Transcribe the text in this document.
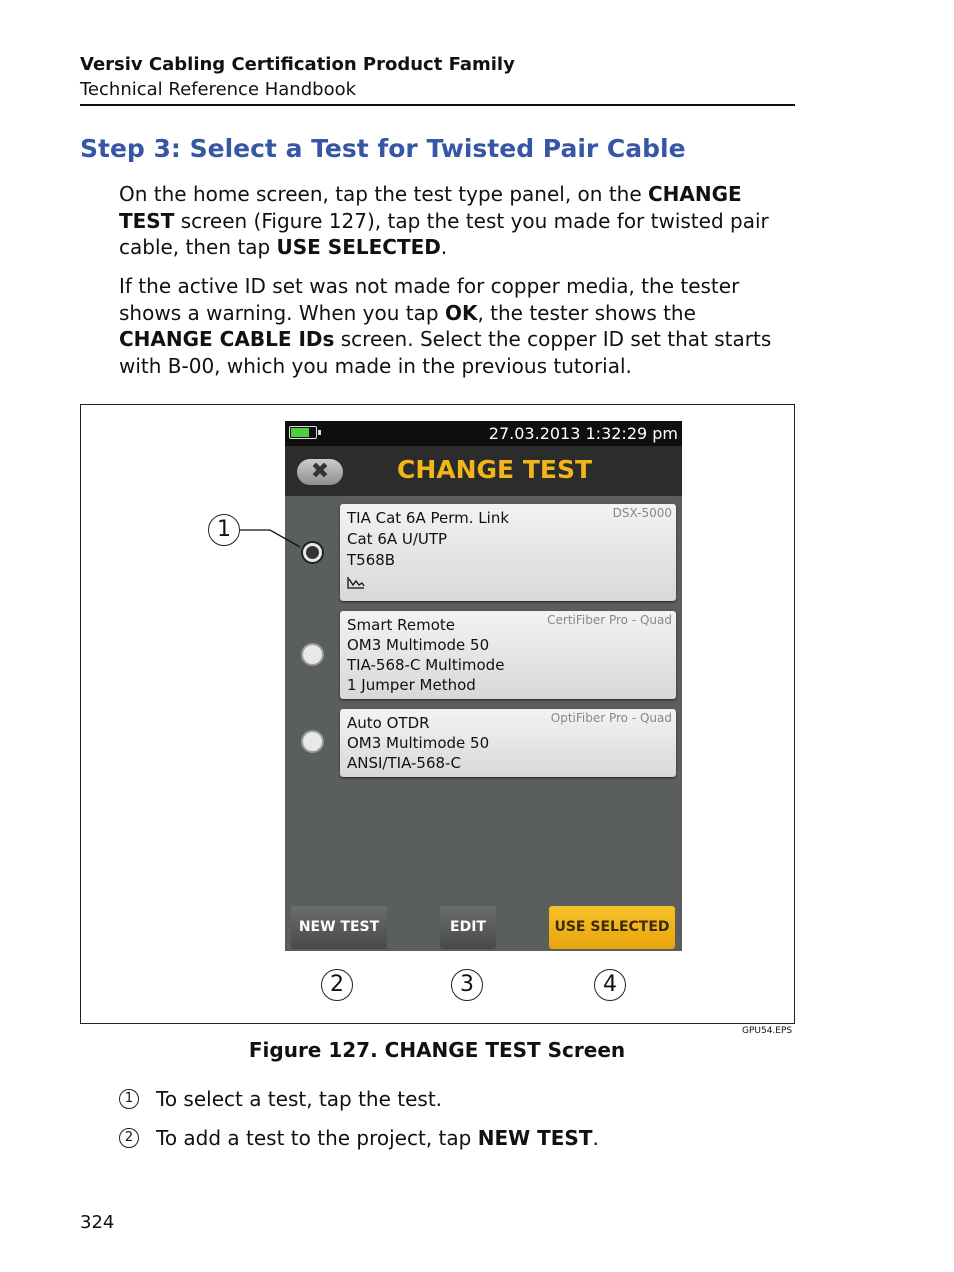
Versiv Cabling Certification Product Family
Technical Reference Handbook
Step 3: Select a Test for Twisted Pair Cable

On the home screen, tap the test type panel, on the CHANGE TEST screen (Figure 127), tap the test you made for twisted pair cable, then tap USE SELECTED.

If the active ID set was not made for copper media, the tester shows a warning. When you tap OK, the tester shows the CHANGE CABLE IDs screen. Select the copper ID set that starts with B-00, which you made in the previous tutorial.

27.03.2013 1:32:29 pm
✖	CHANGE TEST
TIA Cat 6A Perm. Link
Cat 6A U/UTP
T568B
DSX-5000
Smart Remote
OM3 Multimode 50
TIA-568-C Multimode
1 Jumper Method
CertiFiber Pro - Quad
Auto OTDR
OM3 Multimode 50
ANSI/TIA-568-C
OptiFiber Pro - Quad
NEW TEST	EDIT	USE SELECTED
1
2	3	4
GPU54.EPS
Figure 127. CHANGE TEST Screen
1 To select a test, tap the test.
2 To add a test to the project, tap NEW TEST.
324
